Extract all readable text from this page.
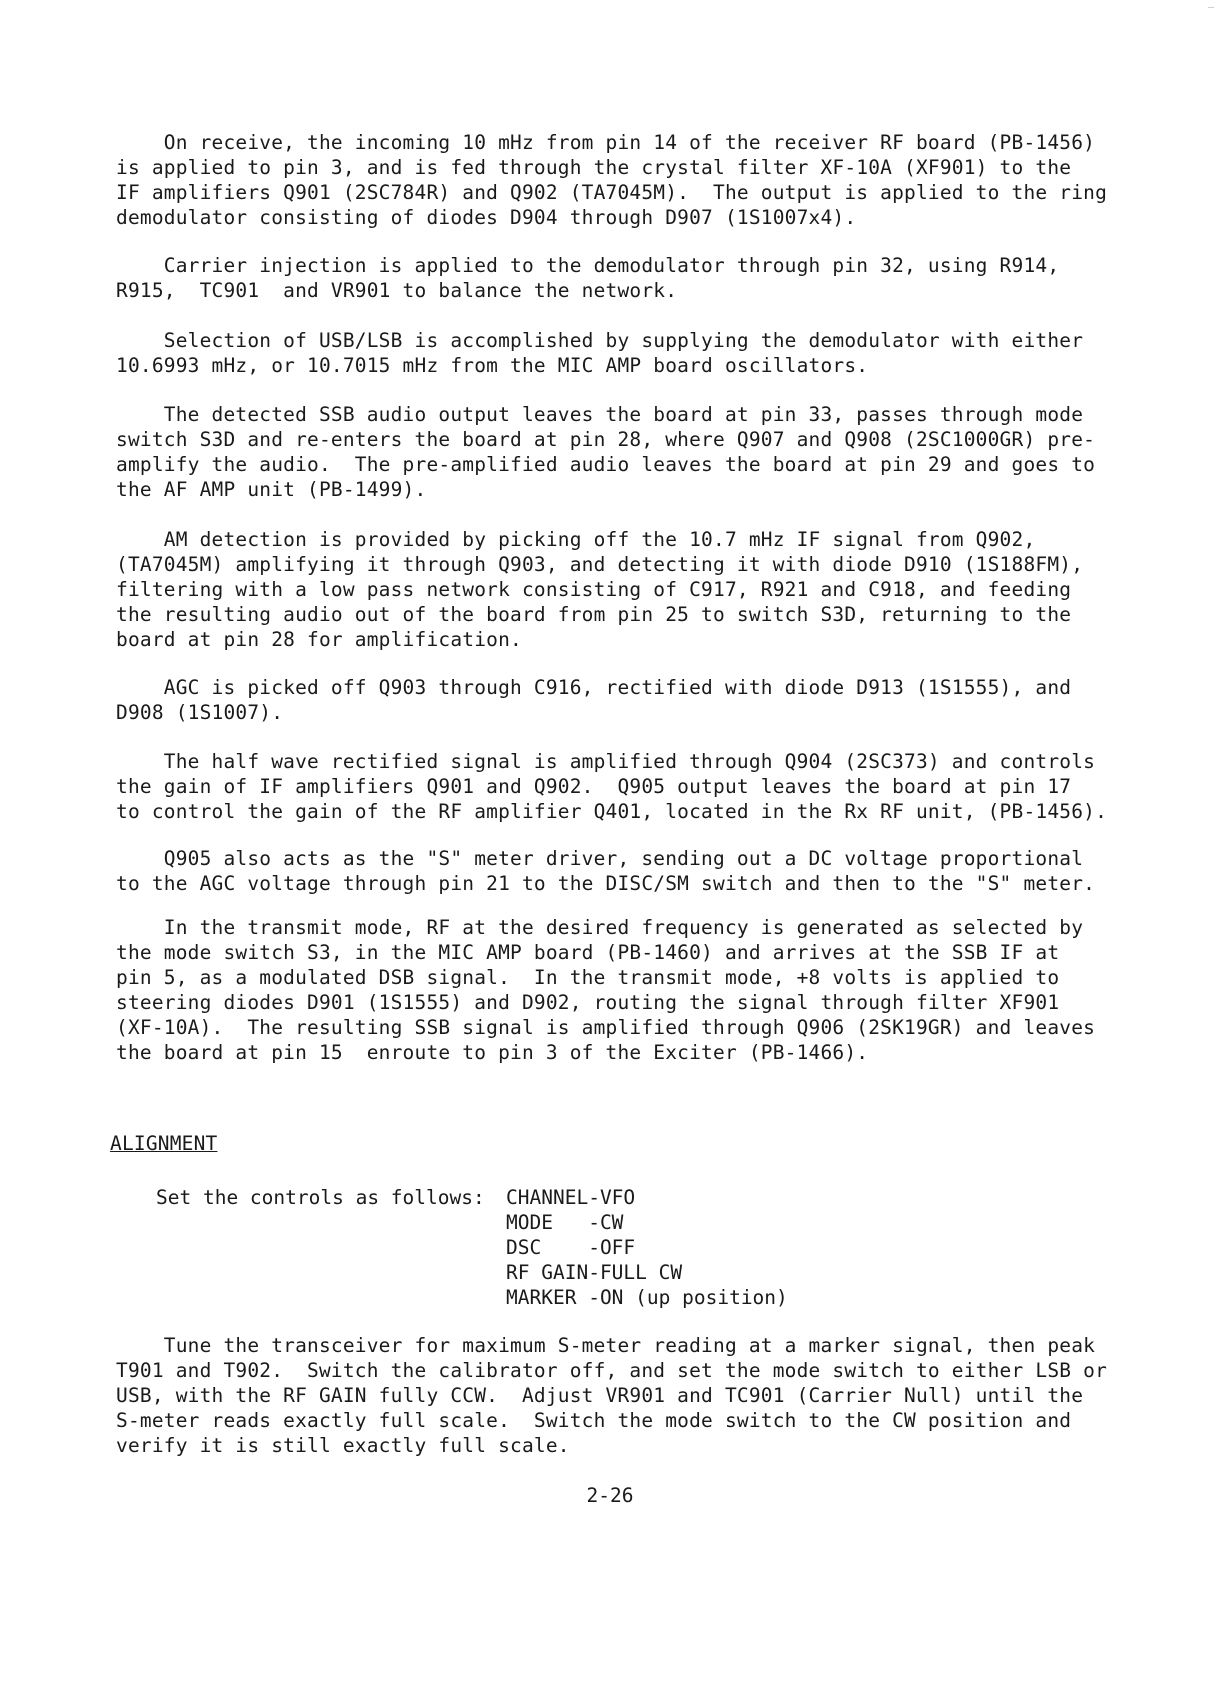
—

On receive, the incoming 10 mHz from pin 14 of the receiver RF board (PB-1456)
is applied to pin 3, and is fed through the crystal filter XF-10A (XF901) to the
IF amplifiers Q901 (2SC784R) and Q902 (TA7045M).  The output is applied to the ring
demodulator consisting of diodes D904 through D907 (1S1007x4).

Carrier injection is applied to the demodulator through pin 32, using R914,
R915,  TC901  and VR901 to balance the network.

Selection of USB/LSB is accomplished by supplying the demodulator with either
10.6993 mHz, or 10.7015 mHz from the MIC AMP board oscillators.

The detected SSB audio output leaves the board at pin 33, passes through mode
switch S3D and re-enters the board at pin 28, where Q907 and Q908 (2SC1000GR) pre-
amplify the audio.  The pre-amplified audio leaves the board at pin 29 and goes to
the AF AMP unit (PB-1499).

AM detection is provided by picking off the 10.7 mHz IF signal from Q902,
(TA7045M) amplifying it through Q903, and detecting it with diode D910 (1S188FM),
filtering with a low pass network consisting of C917, R921 and C918, and feeding
the resulting audio out of the board from pin 25 to switch S3D, returning to the
board at pin 28 for amplification.

AGC is picked off Q903 through C916, rectified with diode D913 (1S1555), and
D908 (1S1007).

The half wave rectified signal is amplified through Q904 (2SC373) and controls
the gain of IF amplifiers Q901 and Q902.  Q905 output leaves the board at pin 17
to control the gain of the RF amplifier Q401, located in the Rx RF unit, (PB-1456).

Q905 also acts as the "S" meter driver, sending out a DC voltage proportional
to the AGC voltage through pin 21 to the DISC/SM switch and then to the "S" meter.

In the transmit mode, RF at the desired frequency is generated as selected by
the mode switch S3, in the MIC AMP board (PB-1460) and arrives at the SSB IF at
pin 5, as a modulated DSB signal.  In the transmit mode, +8 volts is applied to
steering diodes D901 (1S1555) and D902, routing the signal through filter XF901
(XF-10A).  The resulting SSB signal is amplified through Q906 (2SK19GR) and leaves
the board at pin 15  enroute to pin 3 of the Exciter (PB-1466).

ALIGNMENT
Set the controls as follows: CHANNEL	-	VFO
MODE	-	CW
DSC	-	OFF
RF GAIN	-	FULL CW
MARKER	-	ON (up position)

Tune the transceiver for maximum S-meter reading at a marker signal, then peak
T901 and T902.  Switch the calibrator off, and set the mode switch to either LSB or
USB, with the RF GAIN fully CCW.  Adjust VR901 and TC901 (Carrier Null) until the
S-meter reads exactly full scale.  Switch the mode switch to the CW position and
verify it is still exactly full scale.

2-26
